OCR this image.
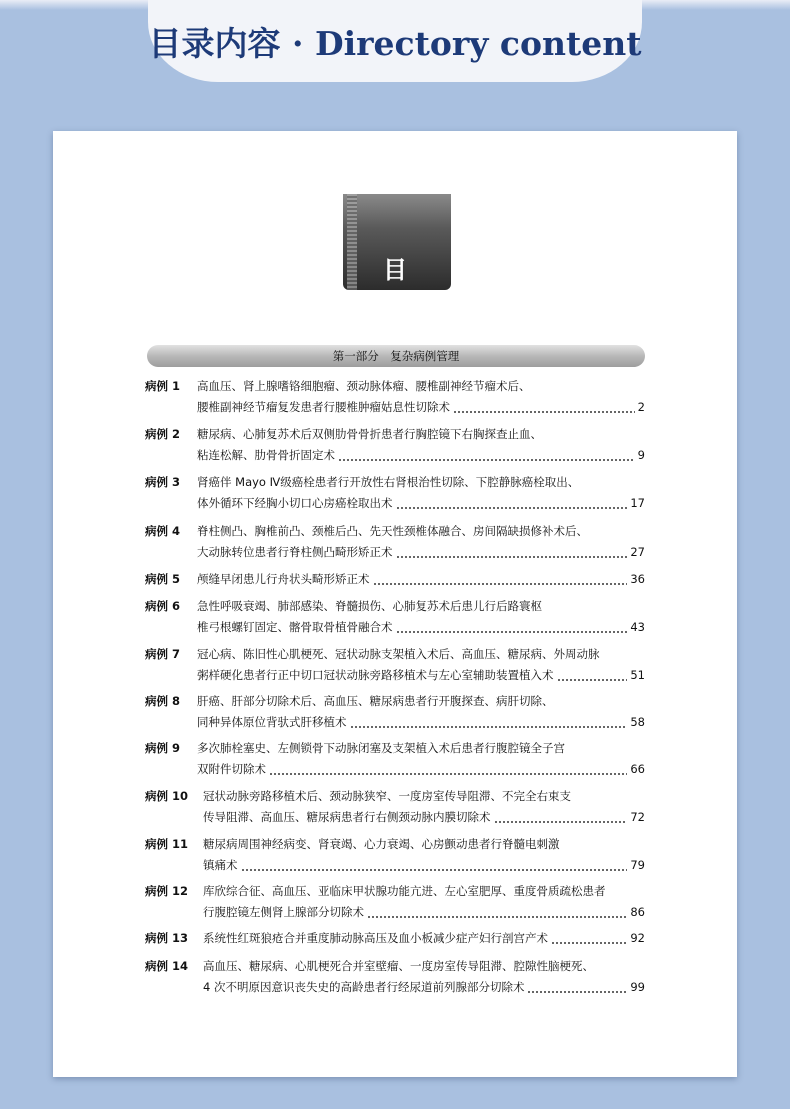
目录内容 · Directory content
目　录
第一部分　复杂病例管理
病例 1 高血压、肾上腺嗜铬细胞瘤、颈动脉体瘤、腰椎副神经节瘤术后、
腰椎副神经节瘤复发患者行腰椎肿瘤姑息性切除术	2
病例 2 糖尿病、心肺复苏术后双侧肋骨骨折患者行胸腔镜下右胸探查止血、
粘连松解、肋骨骨折固定术	9
病例 3 肾癌伴 Mayo Ⅳ级癌栓患者行开放性右肾根治性切除、下腔静脉癌栓取出、
体外循环下经胸小切口心房癌栓取出术	17
病例 4 脊柱侧凸、胸椎前凸、颈椎后凸、先天性颈椎体融合、房间隔缺损修补术后、
大动脉转位患者行脊柱侧凸畸形矫正术	27
病例 5 颅缝早闭患儿行舟状头畸形矫正术	36
病例 6 急性呼吸衰竭、肺部感染、脊髓损伤、心肺复苏术后患儿行后路寰枢
椎弓根螺钉固定、髂骨取骨植骨融合术	43
病例 7 冠心病、陈旧性心肌梗死、冠状动脉支架植入术后、高血压、糖尿病、外周动脉
粥样硬化患者行正中切口冠状动脉旁路移植术与左心室辅助装置植入术	51
病例 8 肝癌、肝部分切除术后、高血压、糖尿病患者行开腹探查、病肝切除、
同种异体原位背驮式肝移植术	58
病例 9 多次肺栓塞史、左侧锁骨下动脉闭塞及支架植入术后患者行腹腔镜全子宫
双附件切除术	66
病例 10 冠状动脉旁路移植术后、颈动脉狭窄、一度房室传导阻滞、不完全右束支
传导阻滞、高血压、糖尿病患者行右侧颈动脉内膜切除术	72
病例 11 糖尿病周围神经病变、肾衰竭、心力衰竭、心房颤动患者行脊髓电刺激
镇痛术	79
病例 12 库欣综合征、高血压、亚临床甲状腺功能亢进、左心室肥厚、重度骨质疏松患者
行腹腔镜左侧肾上腺部分切除术	86
病例 13 系统性红斑狼疮合并重度肺动脉高压及血小板减少症产妇行剖宫产术	92
病例 14 高血压、糖尿病、心肌梗死合并室壁瘤、一度房室传导阻滞、腔隙性脑梗死、
4 次不明原因意识丧失史的高龄患者行经尿道前列腺部分切除术	99
